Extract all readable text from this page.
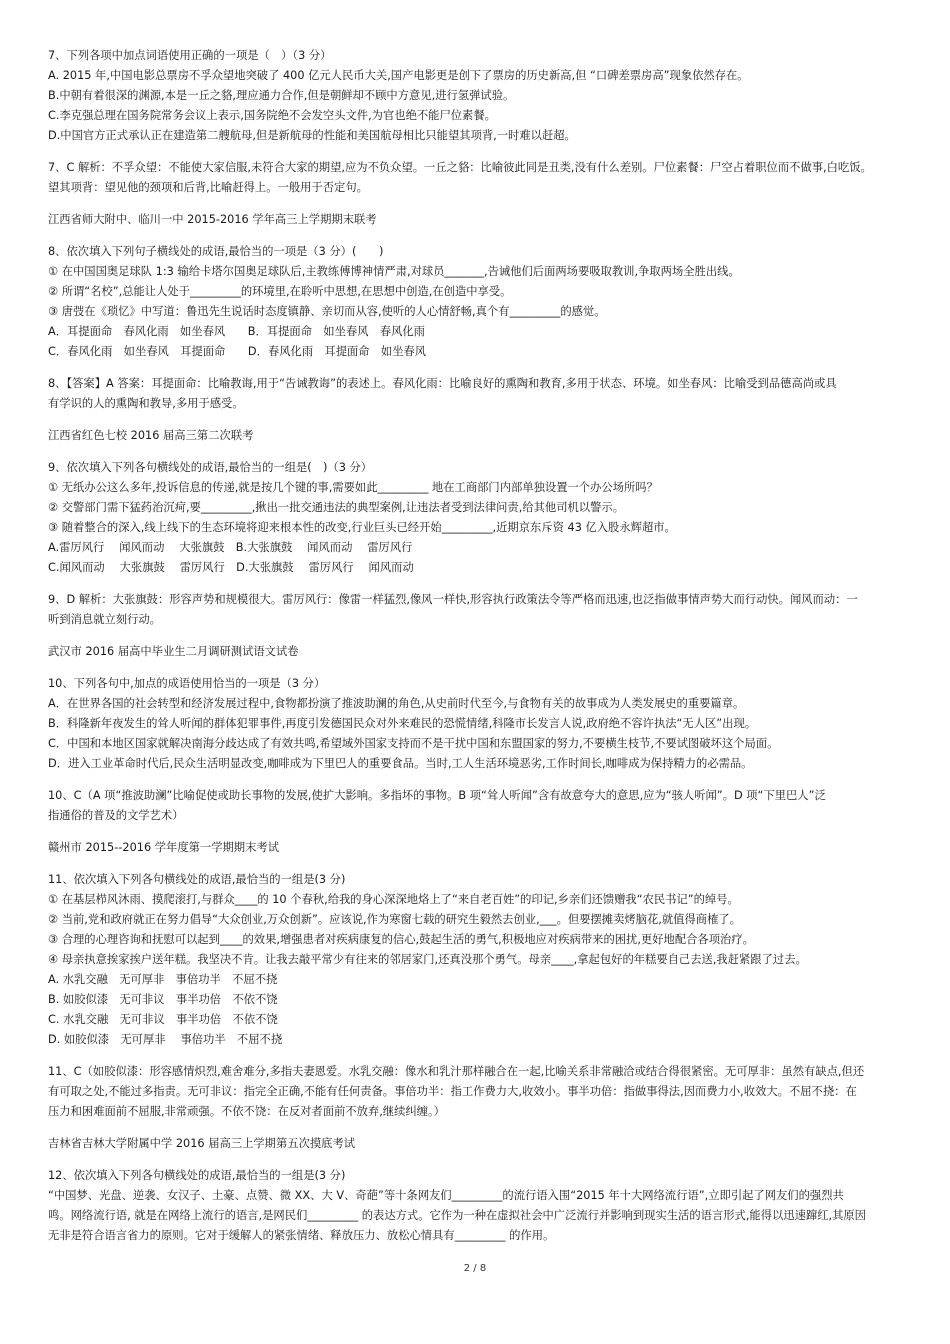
7、下列各项中加点词语使用正确的一项是（　）（3 分）
A. 2015 年,中国电影总票房不孚众望地突破了 400 亿元人民币大关,国产电影更是创下了票房的历史新高,但 “口碑差票房高”现象依然存在。
B.中朝有着很深的渊源,本是一丘之貉,理应通力合作,但是朝鲜却不顾中方意见,进行氢弹试验。
C.李克强总理在国务院常务会议上表示,国务院绝不会发空头文件,为官也绝不能尸位素餐。
D.中国官方正式承认正在建造第二艘航母,但是新航母的性能和美国航母相比只能望其项背,一时难以赶超。
7、C 解析：不孚众望：不能使大家信服,未符合大家的期望,应为不负众望。一丘之貉：比喻彼此同是丑类,没有什么差别。尸位素餐：尸空占着职位而不做事,白吃饭。
望其项背：望见他的颈项和后背,比喻赶得上。一般用于否定句。
江西省师大附中、临川一中 2015-2016 学年高三上学期期末联考
8、依次填入下列句子横线处的成语,最恰当的一项是（3 分）(　　)
① 在中国国奥足球队 1:3 输给卡塔尔国奥足球队后,主教练傅博神情严肃,对球员_______,告诫他们后面两场要吸取教训,争取两场全胜出线。
② 所谓“名校”,总能让人处于_________的环境里,在聆听中思想,在思想中创造,在创造中享受。
③ 唐弢在《琐忆》中写道：鲁迅先生说话时态度镇静、亲切而从容,使听的人心情舒畅,真个有_________的感觉。
A．耳提面命　春风化雨　如坐春风　　B．耳提面命　如坐春风　春风化雨
C．春风化雨　如坐春风　耳提面命　　D．春风化雨　耳提面命　如坐春风
8、【答案】A 答案：耳提面命：比喻教诲,用于“告诫教诲”的表述上。春风化雨：比喻良好的熏陶和教育,多用于状态、环境。如坐春风：比喻受到品德高尚或具
有学识的人的熏陶和教导,多用于感受。
江西省红色七校 2016 届高三第二次联考
9、依次填入下列各句横线处的成语,最恰当的一组是(　)（3 分）
① 无纸办公这么多年,投诉信息的传递,就是按几个键的事,需要如此_________ 地在工商部门内部单独设置一个办公场所吗？
② 交警部门需下猛药治沉疴,要_________,揪出一批交通违法的典型案例,让违法者受到法律问责,给其他司机以警示。
③ 随着整合的深入,线上线下的生态环境将迎来根本性的改变,行业巨头已经开始_________,近期京东斥资 43 亿入股永辉超市。
A.雷厉风行　 闻风而动　 大张旗鼓　B.大张旗鼓　 闻风而动　 雷厉风行
C.闻风而动　 大张旗鼓　 雷厉风行　D.大张旗鼓　 雷厉风行　 闻风而动
9、D 解析：大张旗鼓：形容声势和规模很大。雷厉风行：像雷一样猛烈,像风一样快,形容执行政策法令等严格而迅速,也泛指做事情声势大而行动快。闻风而动：一
听到消息就立刻行动。
武汉市 2016 届高中毕业生二月调研测试语文试卷
10、下列各句中,加点的成语使用恰当的一项是（3 分）
A．在世界各国的社会转型和经济发展过程中,食物都扮演了推波助澜的角色,从史前时代至今,与食物有关的故事成为人类发展史的重要篇章。
B．科隆新年夜发生的耸人听闻的群体犯罪事件,再度引发德国民众对外来难民的恐慌情绪,科隆市长发言人说,政府绝不容许执法“无人区”出现。
C．中国和本地区国家就解决南海分歧达成了有效共鸣,希望域外国家支持而不是干扰中国和东盟国家的努力,不要横生枝节,不要试图破坏这个局面。
D．进入工业革命时代后,民众生活明显改变,咖啡成为下里巴人的重要食品。当时,工人生活环境恶劣,工作时间长,咖啡成为保持精力的必需品。
10、C（A 项“推波助澜”比喻促使或助长事物的发展,使扩大影响。多指坏的事物。B 项“耸人听闻”含有故意夸大的意思,应为“骇人听闻”。D 项“下里巴人”泛
指通俗的普及的文学艺术）
赣州市 2015--2016 学年度第一学期期末考试
11、依次填入下列各句横线处的成语,最恰当的一组是(3 分)
① 在基层栉风沐雨、摸爬滚打,与群众____的 10 个春秋,给我的身心深深地烙上了“来自老百姓”的印记,乡亲们还馈赠我“农民书记”的绰号。
② 当前,党和政府就正在努力倡导“大众创业,万众创新”。应该说,作为寒窗七载的研究生毅然去创业,___。但要摆摊卖烤脑花,就值得商榷了。
③ 合理的心理咨询和抚慰可以起到____的效果,增强患者对疾病康复的信心,鼓起生活的勇气,积极地应对疾病带来的困扰,更好地配合各项治疗。
④ 母亲执意挨家挨户送年糕。我坚决不肯。让我去敲平常少有往来的邻居家门,还真没那个勇气。母亲____,拿起包好的年糕要自己去送,我赶紧跟了过去。
A. 水乳交融　无可厚非　事倍功半　不屈不挠
B. 如胶似漆　无可非议　事半功倍　不依不饶
C. 水乳交融　无可非议　事半功倍　不依不饶
D. 如胶似漆　无可厚非　 事倍功半　不屈不挠
11、C（如胶似漆：形容感情炽烈,难舍难分,多指夫妻恩爱。水乳交融：像水和乳汁那样融合在一起,比喻关系非常融洽或结合得很紧密。无可厚非：虽然有缺点,但还
有可取之处,不能过多指责。无可非议：指完全正确,不能有任何责备。事倍功半：指工作费力大,收效小。事半功倍：指做事得法,因而费力小,收效大。不屈不挠：在
压力和困难面前不屈服,非常顽强。不依不饶：在反对者面前不放弃,继续纠缠。）
吉林省吉林大学附属中学 2016 届高三上学期第五次摸底考试
12、依次填入下列各句横线处的成语,最恰当的一组是(3 分)
“中国梦、光盘、逆袭、女汉子、土豪、点赞、微 XX、大 V、奇葩”等十条网友们_________的流行语入围“2015 年十大网络流行语”,立即引起了网友们的强烈共
鸣。网络流行语, 就是在网络上流行的语言,是网民们_________ 的表达方式。它作为一种在虚拟社会中广泛流行并影响到现实生活的语言形式,能得以迅速蹿红,其原因
无非是符合语言省力的原则。它对于缓解人的紧张情绪、释放压力、放松心情具有_________ 的作用。
2 / 8
